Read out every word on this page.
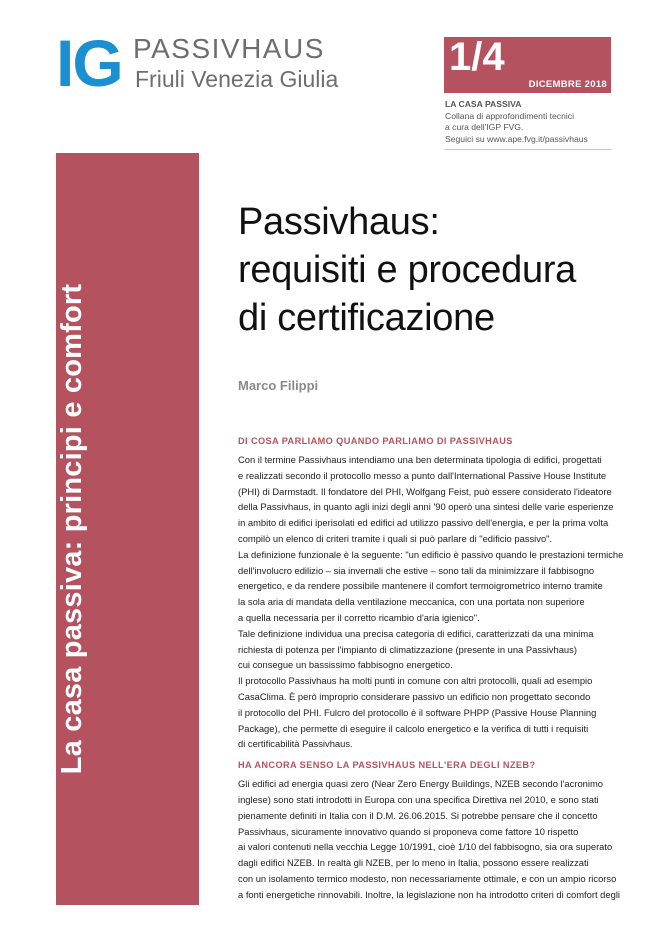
IG PASSIVHAUS
Friuli Venezia Giulia	1/4
DICEMBRE 2018
LA CASA PASSIVA
Collana di approfondimenti tecnici
a cura dell'IGP FVG.
Seguici su www.ape.fvg.it/passivhaus
La casa passiva: principi e comfort
Passivhaus:
requisiti e procedura
di certificazione
Marco Filippi
DI COSA PARLIAMO QUANDO PARLIAMO DI PASSIVHAUS

Con il termine Passivhaus intendiamo una ben determinata tipologia di edifici, progettati

e realizzati secondo il protocollo messo a punto dall'International Passive House Institute

(PHI) di Darmstadt. Il fondatore del PHI, Wolfgang Feist, può essere considerato l'ideatore

della Passivhaus, in quanto agli inizi degli anni '90 operò una sintesi delle varie esperienze

in ambito di edifici iperisolati ed edifici ad utilizzo passivo dell'energia, e per la prima volta

compilò un elenco di criteri tramite i quali si può parlare di "edificio passivo".

La definizione funzionale è la seguente: "un edificio è passivo quando le prestazioni termiche

dell'involucro edilizio – sia invernali che estive – sono tali da minimizzare il fabbisogno

energetico, e da rendere possibile mantenere il comfort termoigrometrico interno tramite

la sola aria di mandata della ventilazione meccanica, con una portata non superiore

a quella necessaria per il corretto ricambio d'aria igienico".

Tale definizione individua una precisa categoria di edifici, caratterizzati da una minima

richiesta di potenza per l'impianto di climatizzazione (presente in una Passivhaus)

cui consegue un bassissimo fabbisogno energetico.

Il protocollo Passivhaus ha molti punti in comune con altri protocolli, quali ad esempio

CasaClima. È però improprio considerare passivo un edificio non progettato secondo

il protocollo del PHI. Fulcro del protocollo è il software PHPP (Passive House Planning

Package), che permette di eseguire il calcolo energetico e la verifica di tutti i requisiti

di certificabilità Passivhaus.

HA ANCORA SENSO LA PASSIVHAUS NELL'ERA DEGLI NZEB?

Gli edifici ad energia quasi zero (Near Zero Energy Buildings, NZEB secondo l'acronimo

inglese) sono stati introdotti in Europa con una specifica Direttiva nel 2010, e sono stati

pienamente definiti in Italia con il D.M. 26.06.2015. Si potrebbe pensare che il concetto

Passivhaus, sicuramente innovativo quando si proponeva come fattore 10 rispetto

ai valori contenuti nella vecchia Legge 10/1991, cioè 1/10 del fabbisogno, sia ora superato

dagli edifici NZEB. In realtà gli NZEB, per lo meno in Italia, possono essere realizzati

con un isolamento termico modesto, non necessariamente ottimale, e con un ampio ricorso

a fonti energetiche rinnovabili. Inoltre, la legislazione non ha introdotto criteri di comfort degli
